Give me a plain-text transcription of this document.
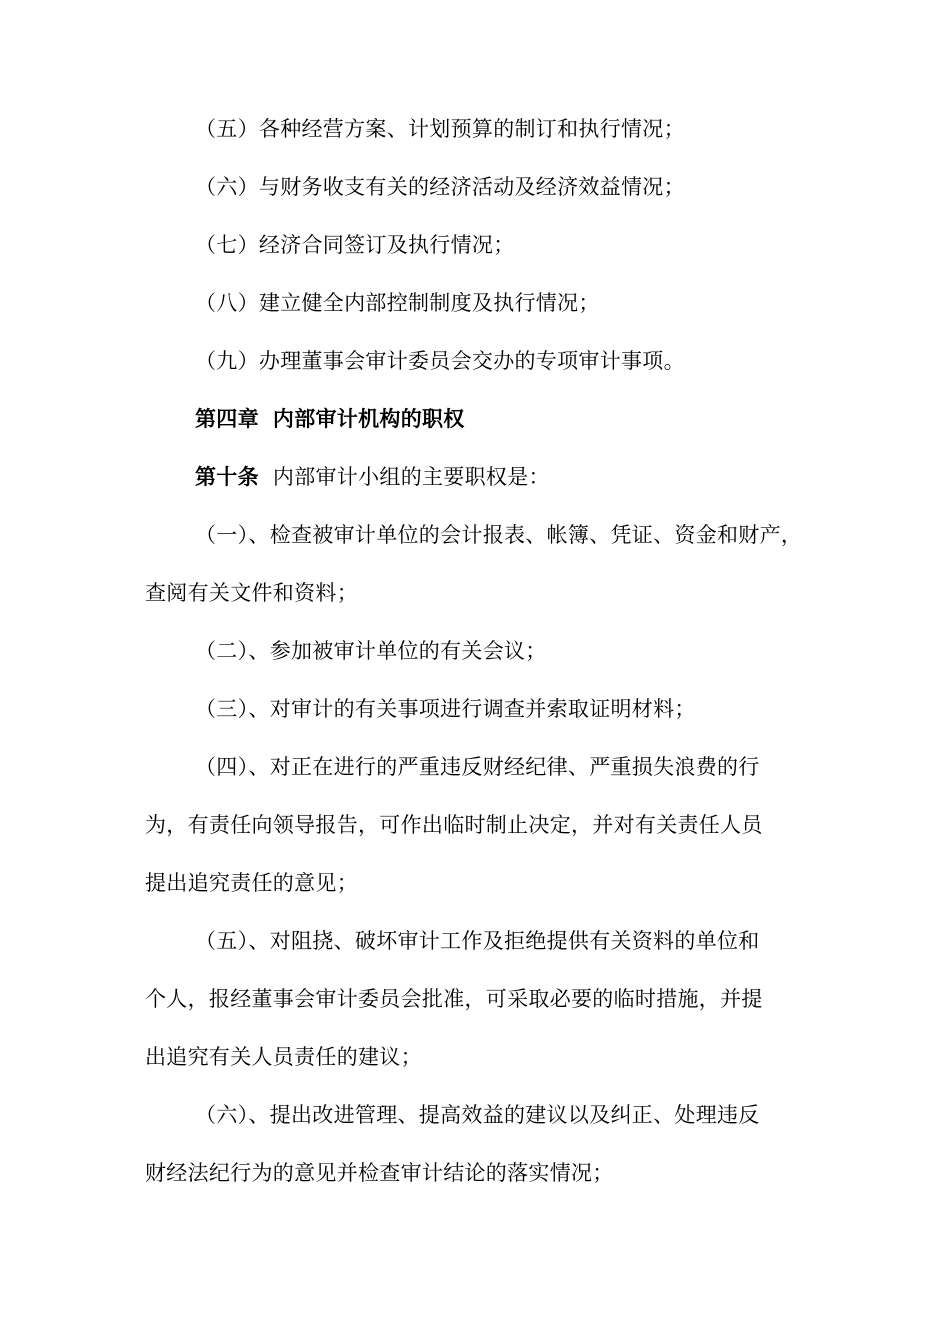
（五）各种经营方案、计划预算的制订和执行情况；
（六）与财务收支有关的经济活动及经济效益情况；
（七）经济合同签订及执行情况；
（八）建立健全内部控制制度及执行情况；
（九）办理董事会审计委员会交办的专项审计事项。
第四章 内部审计机构的职权
第十条 内部审计小组的主要职权是：
（一）、检查被审计单位的会计报表、帐簿、凭证、资金和财产，
查阅有关文件和资料；
（二）、参加被审计单位的有关会议；
（三）、对审计的有关事项进行调查并索取证明材料；
（四）、对正在进行的严重违反财经纪律、严重损失浪费的行
为，有责任向领导报告，可作出临时制止决定，并对有关责任人员
提出追究责任的意见；
（五）、对阻挠、破坏审计工作及拒绝提供有关资料的单位和
个人，报经董事会审计委员会批准，可采取必要的临时措施，并提
出追究有关人员责任的建议；
（六）、提出改进管理、提高效益的建议以及纠正、处理违反
财经法纪行为的意见并检查审计结论的落实情况；
